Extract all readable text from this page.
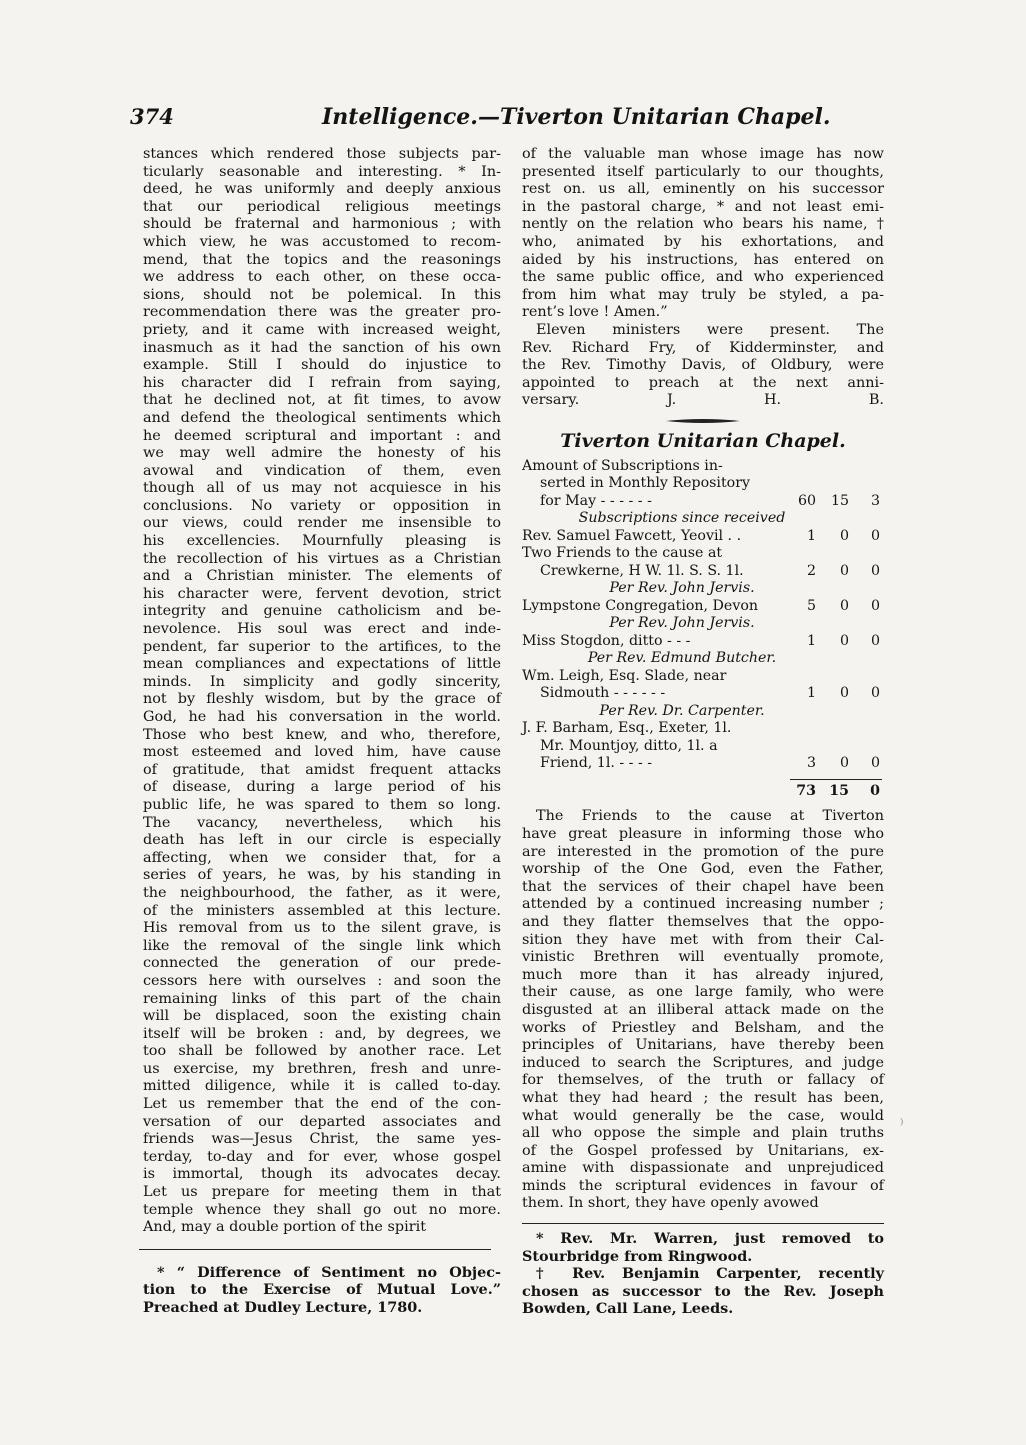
374	Intelligence.—Tiverton Unitarian Chapel.
stances which rendered those subjects par-
ticularly seasonable and interesting. * In-
deed, he was uniformly and deeply anxious
that our periodical religious meetings
should be fraternal and harmonious ; with
which view, he was accustomed to recom-
mend, that the topics and the reasonings
we address to each other, on these occa-
sions, should not be polemical. In this
recommendation there was the greater pro-
priety, and it came with increased weight,
inasmuch as it had the sanction of his own
example. Still I should do injustice to
his character did I refrain from saying,
that he declined not, at fit times, to avow
and defend the theological sentiments which
he deemed scriptural and important : and
we may well admire the honesty of his
avowal and vindication of them, even
though all of us may not acquiesce in his
conclusions. No variety or opposition in
our views, could render me insensible to
his excellencies. Mournfully pleasing is
the recollection of his virtues as a Christian
and a Christian minister. The elements of
his character were, fervent devotion, strict
integrity and genuine catholicism and be-
nevolence. His soul was erect and inde-
pendent, far superior to the artifices, to the
mean compliances and expectations of little
minds. In simplicity and godly sincerity,
not by fleshly wisdom, but by the grace of
God, he had his conversation in the world.
Those who best knew, and who, therefore,
most esteemed and loved him, have cause
of gratitude, that amidst frequent attacks
of disease, during a large period of his
public life, he was spared to them so long.
The vacancy, nevertheless, which his
death has left in our circle is especially
affecting, when we consider that, for a
series of years, he was, by his standing in
the neighbourhood, the father, as it were,
of the ministers assembled at this lecture.
His removal from us to the silent grave, is
like the removal of the single link which
connected the generation of our prede-
cessors here with ourselves : and soon the
remaining links of this part of the chain
will be displaced, soon the existing chain
itself will be broken : and, by degrees, we
too shall be followed by another race. Let
us exercise, my brethren, fresh and unre-
mitted diligence, while it is called to-day.
Let us remember that the end of the con-
versation of our departed associates and
friends was—Jesus Christ, the same yes-
terday, to-day and for ever, whose gospel
is immortal, though its advocates decay.
Let us prepare for meeting them in that
temple whence they shall go out no more.
And, may a double portion of the spirit
* “ Difference of Sentiment no Objec-
tion to the Exercise of Mutual Love.”
Preached at Dudley Lecture, 1780.
of the valuable man whose image has now
presented itself particularly to our thoughts,
rest on. us all, eminently on his successor
in the pastoral charge, * and not least emi-
nently on the relation who bears his name, †
who, animated by his exhortations, and
aided by his instructions, has entered on
the same public office, and who experienced
from him what may truly be styled, a pa-
rent’s love ! Amen.”
Eleven ministers were present. The
Rev. Richard Fry, of Kidderminster, and
the Rev. Timothy Davis, of Oldbury, were
appointed to preach at the next anni-
versary. J. H. B.
Tiverton Unitarian Chapel.
Amount of Subscriptions in-
serted in Monthly Repository
for May - - - - - -	60	15	3
Subscriptions since received
Rev. Samuel Fawcett, Yeovil . .	1	0	0
Two Friends to the cause at
Crewkerne, H W. 1l. S. S. 1l.	2	0	0
Per Rev. John Jervis.
Lympstone Congregation, Devon	5	0	0
Per Rev. John Jervis.
Miss Stogdon, ditto - - -	1	0	0
Per Rev. Edmund Butcher.
Wm. Leigh, Esq. Slade, near
Sidmouth - - - - - -	1	0	0
Per Rev. Dr. Carpenter.
J. F. Barham, Esq., Exeter, 1l.
Mr. Mountjoy, ditto, 1l. a
Friend, 1l. - - - -	3	0	0
73 15	0
The Friends to the cause at Tiverton
have great pleasure in informing those who
are interested in the promotion of the pure
worship of the One God, even the Father,
that the services of their chapel have been
attended by a continued increasing number ;
and they flatter themselves that the oppo-
sition they have met with from their Cal-
vinistic Brethren will eventually promote,
much more than it has already injured,
their cause, as one large family, who were
disgusted at an illiberal attack made on the
works of Priestley and Belsham, and the
principles of Unitarians, have thereby been
induced to search the Scriptures, and judge
for themselves, of the truth or fallacy of
what they had heard ; the result has been,
what would generally be the case, would
all who oppose the simple and plain truths
of the Gospel professed by Unitarians, ex-
amine with dispassionate and unprejudiced
minds the scriptural evidences in favour of
them. In short, they have openly avowed
* Rev. Mr. Warren, just removed to
Stourbridge from Ringwood.
† Rev. Benjamin Carpenter, recently
chosen as successor to the Rev. Joseph
Bowden, Call Lane, Leeds.
⁾
